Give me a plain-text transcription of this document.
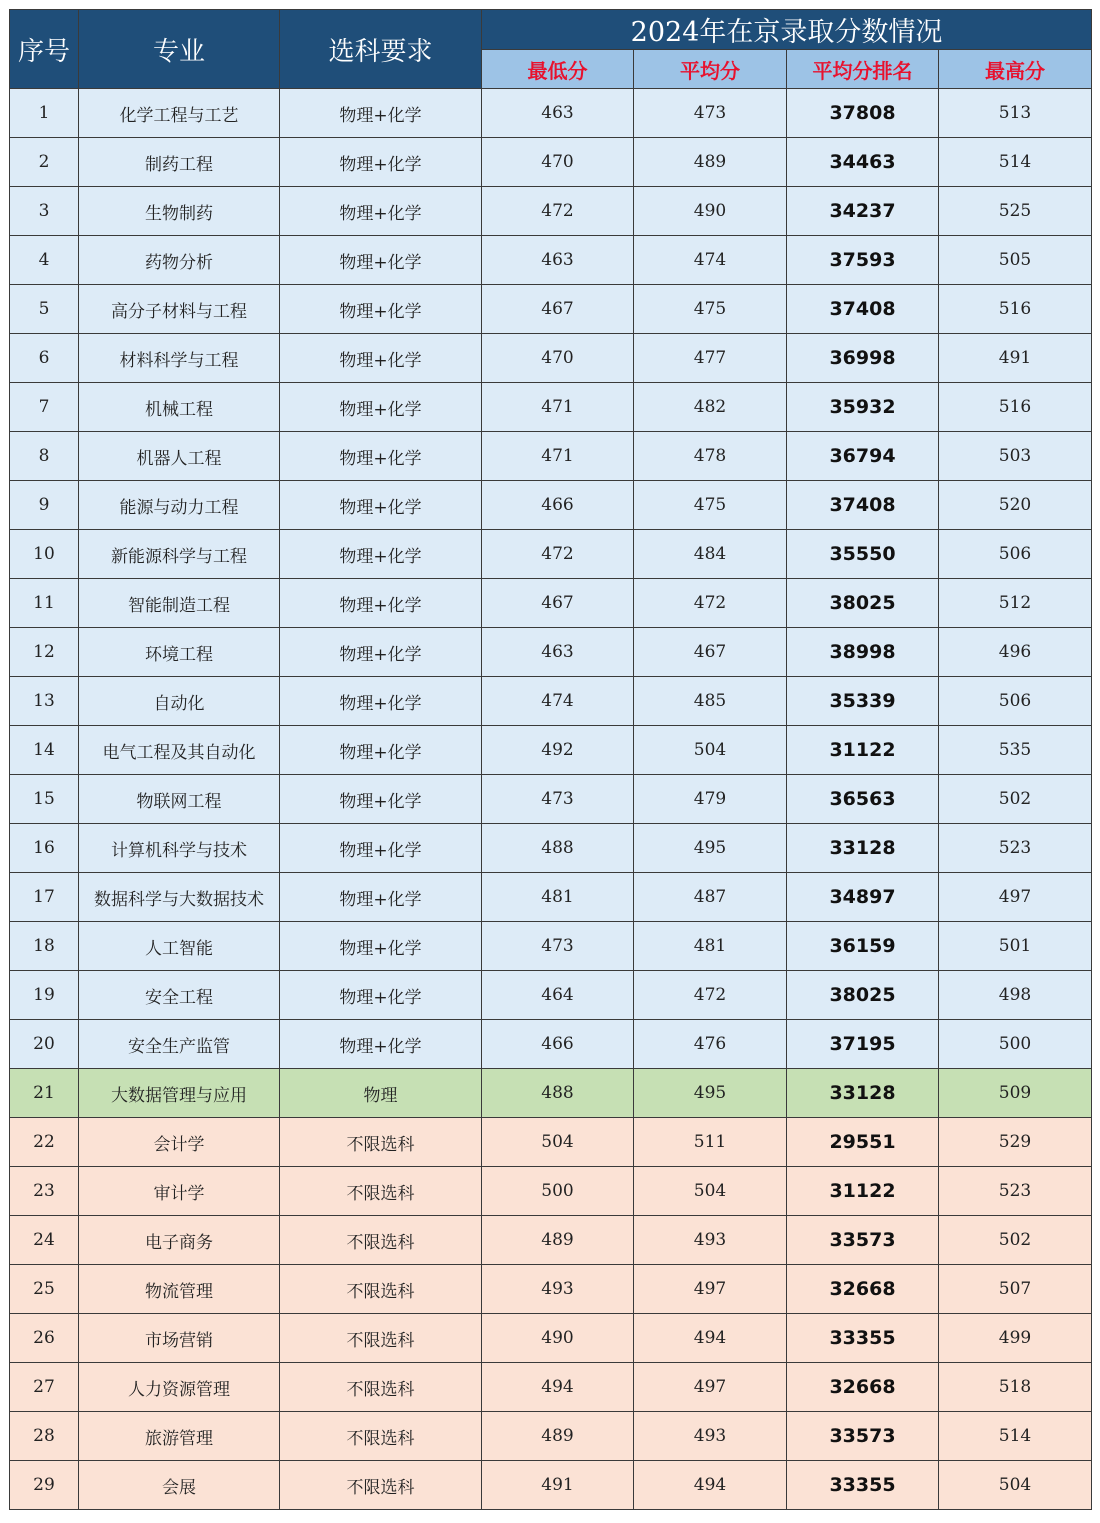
序号	专业	选科要求	2024年在京录取分数情况			
			最低分	平均分	平均分排名	最高分
1	化学工程与工艺	物理+化学	463	473	37808	513
2	制药工程	物理+化学	470	489	34463	514
3	生物制药	物理+化学	472	490	34237	525
4	药物分析	物理+化学	463	474	37593	505
5	高分子材料与工程	物理+化学	467	475	37408	516
6	材料科学与工程	物理+化学	470	477	36998	491
7	机械工程	物理+化学	471	482	35932	516
8	机器人工程	物理+化学	471	478	36794	503
9	能源与动力工程	物理+化学	466	475	37408	520
10	新能源科学与工程	物理+化学	472	484	35550	506
11	智能制造工程	物理+化学	467	472	38025	512
12	环境工程	物理+化学	463	467	38998	496
13	自动化	物理+化学	474	485	35339	506
14	电气工程及其自动化	物理+化学	492	504	31122	535
15	物联网工程	物理+化学	473	479	36563	502
16	计算机科学与技术	物理+化学	488	495	33128	523
17	数据科学与大数据技术	物理+化学	481	487	34897	497
18	人工智能	物理+化学	473	481	36159	501
19	安全工程	物理+化学	464	472	38025	498
20	安全生产监管	物理+化学	466	476	37195	500
21	大数据管理与应用	物理	488	495	33128	509
22	会计学	不限选科	504	511	29551	529
23	审计学	不限选科	500	504	31122	523
24	电子商务	不限选科	489	493	33573	502
25	物流管理	不限选科	493	497	32668	507
26	市场营销	不限选科	490	494	33355	499
27	人力资源管理	不限选科	494	497	32668	518
28	旅游管理	不限选科	489	493	33573	514
29	会展	不限选科	491	494	33355	504
